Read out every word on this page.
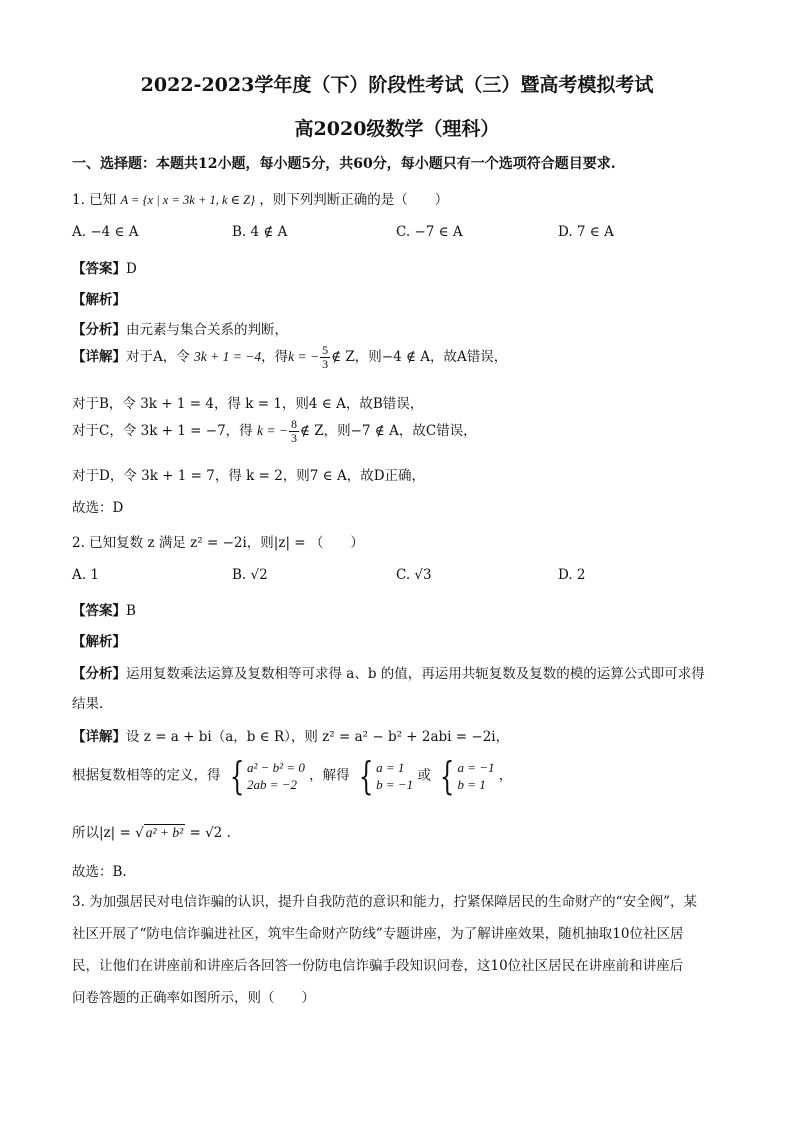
2022-2023学年度（下）阶段性考试（三）暨高考模拟考试
高2020级数学（理科）
一、选择题：本题共12小题，每小题5分，共60分，每小题只有一个选项符合题目要求.
1. 已知 A = {x | x = 3k + 1, k ∈ Z} ，则下列判断正确的是（　　）
A. −4 ∈ A	B. 4 ∉ A	C. −7 ∈ A	D. 7 ∈ A
【答案】D
【解析】
【分析】由元素与集合关系的判断，
【详解】对于A，令 3k + 1 = −4，得k = − $\frac{5}{3}$ ∉ Z，则−4 ∉ A，故A错误，
对于B，令 3k + 1 = 4，得 k = 1，则4 ∈ A，故B错误，
对于C，令 3k + 1 = −7，得 k = − $\frac{8}{3}$ ∉ Z，则−7 ∉ A，故C错误，
对于D，令 3k + 1 = 7，得 k = 2，则7 ∈ A，故D正确，
故选：D
2. 已知复数 z 满足 z² = −2i，则|z| = （　　）
A. 1	B. √2	C. √3	D. 2
【答案】B
【解析】
【分析】运用复数乘法运算及复数相等可求得 a、b 的值，再运用共轭复数及复数的模的运算公式即可求得
结果.
【详解】设 z = a + bi（a，b ∈ R），则 z² = a² − b² + 2abi = −2i，
根据复数相等的定义，得 { a² − b² = 0
2ab = −2
，解得 { a = 1
b = −1
或 { a = −1
b = 1
，
所以|z| = √ a² + b² = √2 .
故选：B.
3. 为加强居民对电信诈骗的认识，提升自我防范的意识和能力，拧紧保障居民的生命财产的“安全阀”，某
社区开展了“防电信诈骗进社区，筑牢生命财产防线”专题讲座，为了解讲座效果，随机抽取10位社区居
民，让他们在讲座前和讲座后各回答一份防电信诈骗手段知识问卷，这10位社区居民在讲座前和讲座后
问卷答题的正确率如图所示，则（　　）
